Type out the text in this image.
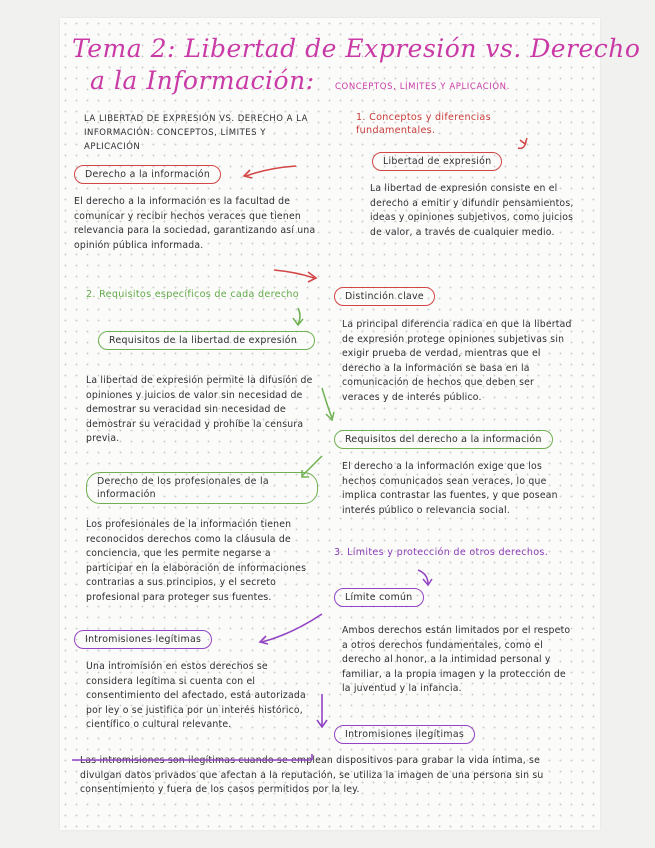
Tema 2: Libertad de Expresión vs. Derecho
a la Información: CONCEPTOS, LÍMITES Y APLICACIÓN.
LA LIBERTAD DE EXPRESIÓN VS. DERECHO A LA INFORMACIÓN: CONCEPTOS, LÍMITES Y APLICACIÓN
Derecho a la información
El derecho a la información es la facultad de comunicar y recibir hechos veraces que tienen relevancia para la sociedad, garantizando así una opinión pública informada.
2. Requisitos específicos de cada derecho
Requisitos de la libertad de expresión
La libertad de expresión permite la difusión de opiniones y juicios de valor sin necesidad de demostrar su veracidad sin necesidad de demostrar su veracidad y prohíbe la censura previa.
Derecho de los profesionales de la información
Los profesionales de la información tienen reconocidos derechos como la cláusula de conciencia, que les permite negarse a participar en la elaboración de informaciones contrarias a sus principios, y el secreto profesional para proteger sus fuentes.
Intromisiones legítimas
Una intromisión en estos derechos se considera legítima si cuenta con el consentimiento del afectado, está autorizada por ley o se justifica por un interés histórico, científico o cultural relevante.
1. Conceptos y diferencias fundamentales.
Libertad de expresión
La libertad de expresión consiste en el derecho a emitir y difundir pensamientos, ideas y opiniones subjetivos, como juicios de valor, a través de cualquier medio.
Distinción clave
La principal diferencia radica en que la libertad de expresión protege opiniones subjetivas sin exigir prueba de verdad, mientras que el derecho a la información se basa en la comunicación de hechos que deben ser veraces y de interés público.
Requisitos del derecho a la información
El derecho a la información exige que los hechos comunicados sean veraces, lo que implica contrastar las fuentes, y que posean interés público o relevancia social.
3. Límites y protección de otros derechos.
Límite común
Ambos derechos están limitados por el respeto a otros derechos fundamentales, como el derecho al honor, a la intimidad personal y familiar, a la propia imagen y la protección de la juventud y la infancia.
Intromisiones ilegítimas
Las intromisiones son ilegítimas cuando se emplean dispositivos para grabar la vida íntima, se divulgan datos privados que afectan a la reputación, se utiliza la imagen de una persona sin su consentimiento y fuera de los casos permitidos por la ley.
